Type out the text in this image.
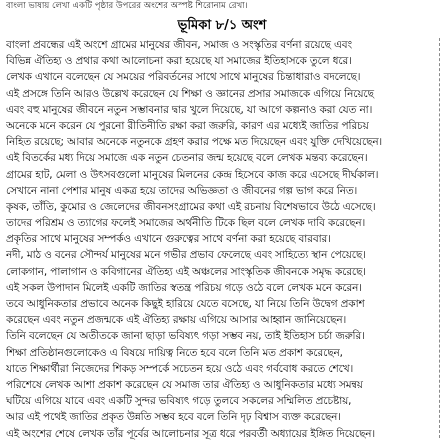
বাংলা ভাষায় লেখা একটি পৃষ্ঠার উপরের অংশের অস্পষ্ট শিরোনাম রেখা।
ভূমিকা ৮/১ অংশ
বাংলা প্রবন্ধের এই অংশে গ্রামের মানুষের জীবন, সমাজ ও সংস্কৃতির বর্ণনা রয়েছে এবং
বিভিন্ন ঐতিহ্য ও প্রথার কথা আলোচনা করা হয়েছে যা সমাজের ইতিহাসকে তুলে ধরে।
লেখক এখানে বলেছেন যে সময়ের পরিবর্তনের সাথে সাথে মানুষের চিন্তাধারাও বদলেছে।
এই প্রসঙ্গে তিনি আরও উল্লেখ করেছেন যে শিক্ষা ও জ্ঞানের প্রসার সমাজকে এগিয়ে নিয়েছে
এবং বহু মানুষের জীবনে নতুন সম্ভাবনার দ্বার খুলে দিয়েছে, যা আগে কল্পনাও করা যেত না।
অনেকে মনে করেন যে পুরনো রীতিনীতি রক্ষা করা জরুরি, কারণ এর মধ্যেই জাতির পরিচয়
নিহিত রয়েছে; আবার অনেকে নতুনকে গ্রহণ করার পক্ষে মত দিয়েছেন এবং যুক্তি দেখিয়েছেন।
এই বিতর্কের মধ্য দিয়ে সমাজে এক নতুন চেতনার জন্ম হয়েছে বলে লেখক মন্তব্য করেছেন।
গ্রামের হাট, মেলা ও উৎসবগুলো মানুষের মিলনের কেন্দ্র হিসেবে কাজ করে এসেছে দীর্ঘকাল।
সেখানে নানা পেশার মানুষ একত্র হয়ে তাদের অভিজ্ঞতা ও জীবনের গল্প ভাগ করে নিত।
কৃষক, তাঁতি, কুমোর ও জেলেদের জীবনসংগ্রামের কথা এই রচনায় বিশেষভাবে উঠে এসেছে।
তাদের পরিশ্রম ও ত্যাগের ফলেই সমাজের অর্থনীতি টিকে ছিল বলে লেখক দাবি করেছেন।
প্রকৃতির সাথে মানুষের সম্পর্কও এখানে গুরুত্বের সাথে বর্ণনা করা হয়েছে বারবার।
নদী, মাঠ ও বনের সৌন্দর্য মানুষের মনে গভীর প্রভাব ফেলেছে এবং সাহিত্যে স্থান পেয়েছে।
লোকগান, পালাগান ও কবিগানের ঐতিহ্য এই অঞ্চলের সাংস্কৃতিক জীবনকে সমৃদ্ধ করেছে।
এই সকল উপাদান মিলেই একটি জাতির স্বতন্ত্র পরিচয় গড়ে ওঠে বলে লেখক মনে করেন।
তবে আধুনিকতার প্রভাবে অনেক কিছুই হারিয়ে যেতে বসেছে, যা নিয়ে তিনি উদ্বেগ প্রকাশ
করেছেন এবং নতুন প্রজন্মকে এই ঐতিহ্য রক্ষায় এগিয়ে আসার আহ্বান জানিয়েছেন।
তিনি বলেছেন যে অতীতকে জানা ছাড়া ভবিষ্যৎ গড়া সম্ভব নয়, তাই ইতিহাস চর্চা জরুরি।
শিক্ষা প্রতিষ্ঠানগুলোকেও এ বিষয়ে দায়িত্ব নিতে হবে বলে তিনি মত প্রকাশ করেছেন,
যাতে শিক্ষার্থীরা নিজেদের শিকড় সম্পর্কে সচেতন হয়ে ওঠে এবং গর্ববোধ করতে শেখে।
পরিশেষে লেখক আশা প্রকাশ করেছেন যে সমাজ তার ঐতিহ্য ও আধুনিকতার মধ্যে সমন্বয়
ঘটিয়ে এগিয়ে যাবে এবং একটি সুন্দর ভবিষ্যৎ গড়ে তুলবে সকলের সম্মিলিত প্রচেষ্টায়,
আর এই পথেই জাতির প্রকৃত উন্নতি সম্ভব হবে বলে তিনি দৃঢ় বিশ্বাস ব্যক্ত করেছেন।
এই অংশের শেষে লেখক তাঁর পূর্বের আলোচনার সূত্র ধরে পরবর্তী অধ্যায়ের ইঙ্গিত দিয়েছেন।
